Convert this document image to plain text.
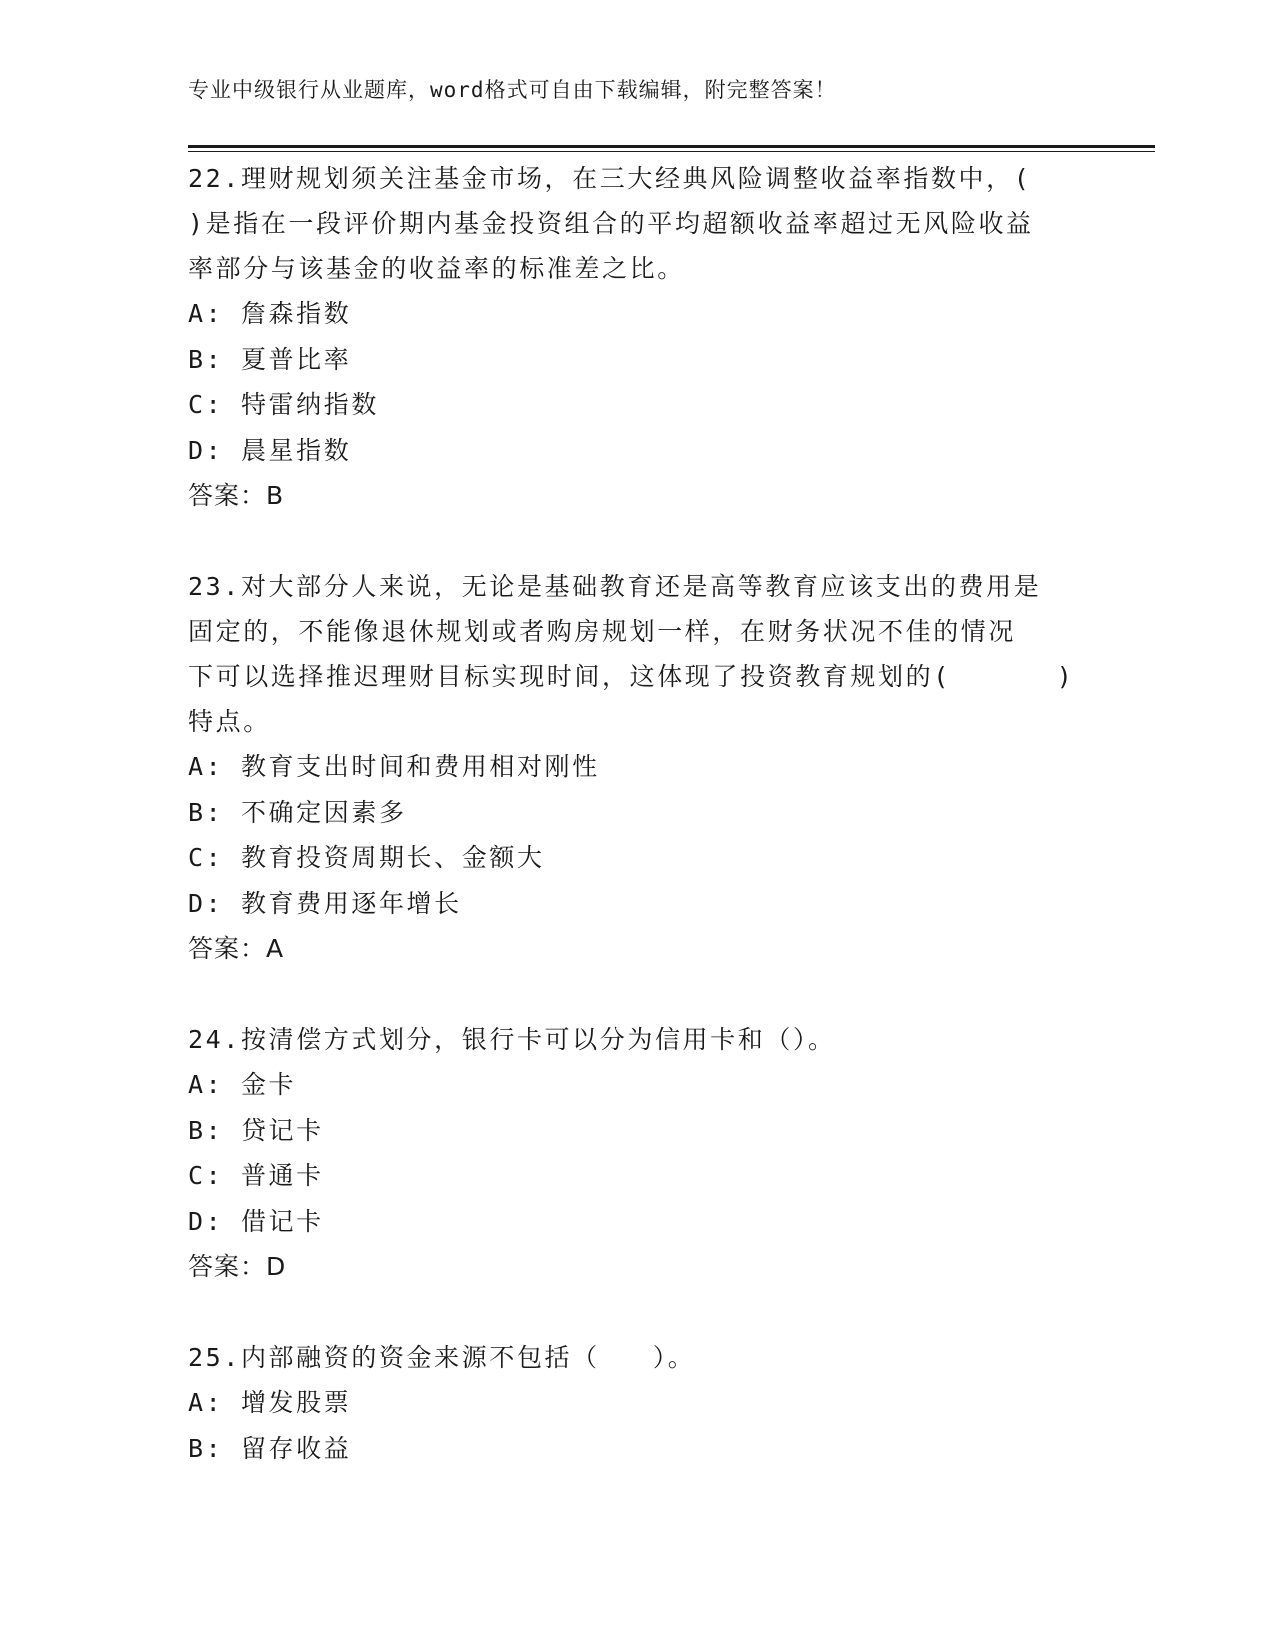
专业中级银行从业题库，word格式可自由下载编辑，附完整答案！

22.理财规划须关注基金市场，在三大经典风险调整收益率指数中，(

)是指在一段评价期内基金投资组合的平均超额收益率超过无风险收益

率部分与该基金的收益率的标准差之比。

A: 詹森指数

B: 夏普比率

C: 特雷纳指数

D: 晨星指数

答案：B

23.对大部分人来说，无论是基础教育还是高等教育应该支出的费用是

固定的，不能像退休规划或者购房规划一样，在财务状况不佳的情况

下可以选择推迟理财目标实现时间，这体现了投资教育规划的(      )

特点。

A: 教育支出时间和费用相对刚性

B: 不确定因素多

C: 教育投资周期长、金额大

D: 教育费用逐年增长

答案：A

24.按清偿方式划分，银行卡可以分为信用卡和（）。

A: 金卡

B: 贷记卡

C: 普通卡

D: 借记卡

答案：D

25.内部融资的资金来源不包括（   ）。

A: 增发股票

B: 留存收益
